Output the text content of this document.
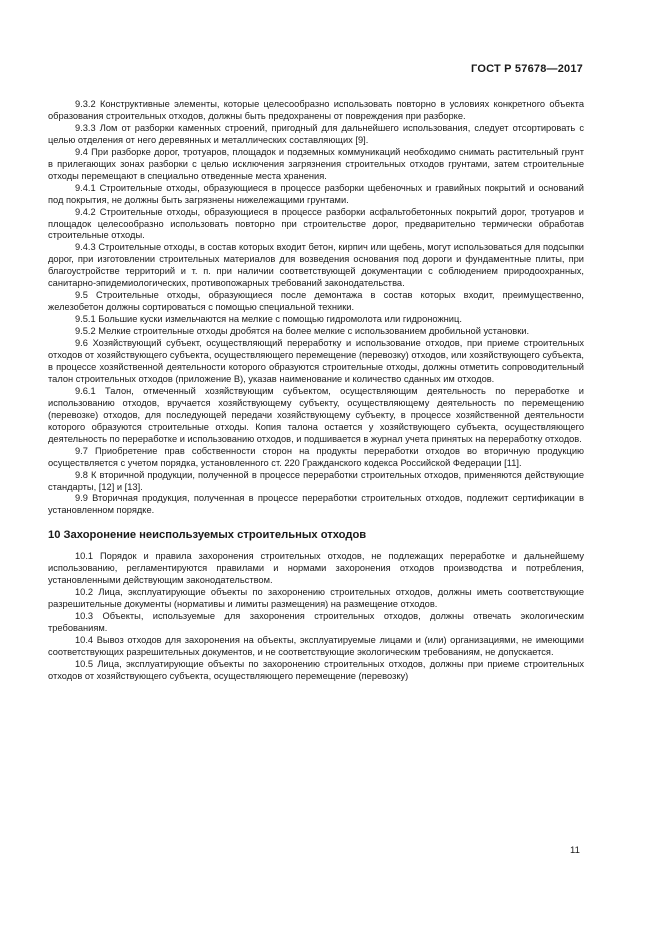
ГОСТ Р 57678—2017

9.3.2 Конструктивные элементы, которые целесообразно использовать повторно в условиях конкретного объекта образования строительных отходов, должны быть предохранены от повреждения при разборке.

9.3.3 Лом от разборки каменных строений, пригодный для дальнейшего использования, следует отсортировать с целью отделения от него деревянных и металлических составляющих [9].

9.4 При разборке дорог, тротуаров, площадок и подземных коммуникаций необходимо снимать растительный грунт в прилегающих зонах разборки с целью исключения загрязнения строительных отходов грунтами, затем строительные отходы перемещают в специально отведенные места хранения.

9.4.1 Строительные отходы, образующиеся в процессе разборки щебеночных и гравийных покрытий и оснований под покрытия, не должны быть загрязнены нижележащими грунтами.

9.4.2 Строительные отходы, образующиеся в процессе разборки асфальтобетонных покрытий дорог, тротуаров и площадок целесообразно использовать повторно при строительстве дорог, предварительно термически обработав строительные отходы.

9.4.3 Строительные отходы, в состав которых входит бетон, кирпич или щебень, могут использоваться для подсыпки дорог, при изготовлении строительных материалов для возведения основания под дороги и фундаментные плиты, при благоустройстве территорий и т. п. при наличии соответствующей документации с соблюдением природоохранных, санитарно-эпидемиологических, противопожарных требований законодательства.

9.5 Строительные отходы, образующиеся после демонтажа в состав которых входит, преимущественно, железобетон должны сортироваться с помощью специальной техники.

9.5.1 Большие куски измельчаются на мелкие с помощью гидромолота или гидроножниц.

9.5.2 Мелкие строительные отходы дробятся на более мелкие с использованием дробильной установки.

9.6 Хозяйствующий субъект, осуществляющий переработку и использование отходов, при приеме строительных отходов от хозяйствующего субъекта, осуществляющего перемещение (перевозку) отходов, или хозяйствующего субъекта, в процессе хозяйственной деятельности которого образуются строительные отходы, должны отметить сопроводительный талон строительных отходов (приложение В), указав наименование и количество сданных им отходов.

9.6.1 Талон, отмеченный хозяйствующим субъектом, осуществляющим деятельность по переработке и использованию отходов, вручается хозяйствующему субъекту, осуществляющему деятельность по перемещению (перевозке) отходов, для последующей передачи хозяйствующему субъекту, в процессе хозяйственной деятельности которого образуются строительные отходы. Копия талона остается у хозяйствующего субъекта, осуществляющего деятельность по переработке и использованию отходов, и подшивается в журнал учета принятых на переработку отходов.

9.7 Приобретение прав собственности сторон на продукты переработки отходов во вторичную продукцию осуществляется с учетом порядка, установленного ст. 220 Гражданского кодекса Российской Федерации [11].

9.8 К вторичной продукции, полученной в процессе переработки строительных отходов, применяются действующие стандарты, [12] и [13].

9.9 Вторичная продукция, полученная в процессе переработки строительных отходов, подлежит сертификации в установленном порядке.

10 Захоронение неиспользуемых строительных отходов

10.1 Порядок и правила захоронения строительных отходов, не подлежащих переработке и дальнейшему использованию, регламентируются правилами и нормами захоронения отходов производства и потребления, установленными действующим законодательством.

10.2 Лица, эксплуатирующие объекты по захоронению строительных отходов, должны иметь соответствующие разрешительные документы (нормативы и лимиты размещения) на размещение отходов.

10.3 Объекты, используемые для захоронения строительных отходов, должны отвечать экологическим требованиям.

10.4 Вывоз отходов для захоронения на объекты, эксплуатируемые лицами и (или) организациями, не имеющими соответствующих разрешительных документов, и не соответствующие экологическим требованиям, не допускается.

10.5 Лица, эксплуатирующие объекты по захоронению строительных отходов, должны при приеме строительных отходов от хозяйствующего субъекта, осуществляющего перемещение (перевозку)

11
